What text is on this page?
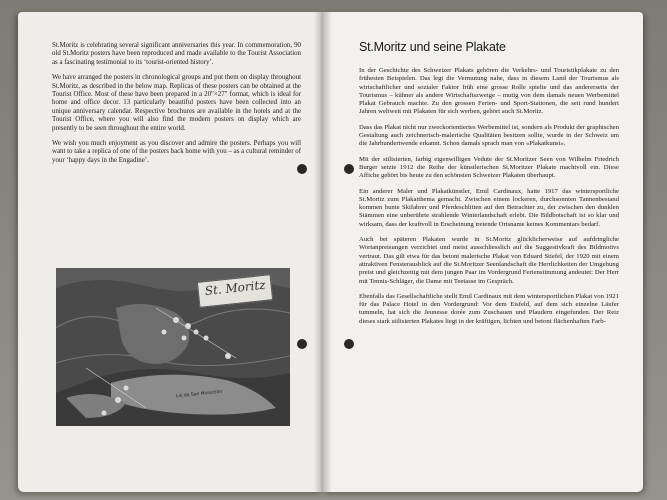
St.Moritz is celebrating several significant anniversaries this year. In commemoration, 90 old St.Moritz posters have been reproduced and made available to the Tourist Association as a fascinating testimonial to its ‘tourist-oriented history’.

We have arranged the posters in chronological groups and put them on display throughout St.Moritz, as described in the below map. Replicas of these posters can be obtained at the Tourist Office. Most of these have been prepared in a 20″×27″ format, which is ideal for home and office decor. 13 particularly beautiful posters have been collected into an unique anniversary calendar. Respective brochures are available in the hotels and at the Tourist Office, where you will also find the modern posters on display which are presently to be seen throughout the entire world.

We wish you much enjoyment as you discover and admire the posters. Perhaps you will want to take a replica of one of the posters back home with you – as a cultural reminder of your ‘happy days in the Engadine’.

St. Moritz
Lej da San Murezzan
St.Moritz und seine Plakate

In der Geschichte des Schweizer Plakats gehören die Verkehrs- und Touristikplakate zu den frühesten Beispielen. Das legt die Vermutung nahe, dass in diesem Land der Tourismus als wirtschaftlicher und sozialer Faktor früh eine grosse Rolle spielte und das andererseits der Tourismus – kühner als andere Wirtschaftszweige – mutig von dem damals neuen Werbemittel Plakat Gebrauch machte. Zu den grossen Ferien- und Sport-Stationen, die seit rund hundert Jahren weltweit mit Plakaten für sich werben, gehört auch St.Moritz.

Dass das Plakat nicht nur zweckorientiertes Werbemittel ist, sondern als Produkt der graphischen Gestaltung auch zeichnerisch-malerische Qualitäten besitzen sollte, wurde in der Schweiz um die Jahrhundertwende erkannt. Schon damals sprach man von «Plakatkunst».

Mit der stilisierten, farbig eigenwilligen Vedute der St.Moritzer Seen von Wilhelm Friedrich Burger setzte 1912 die Reihe der künstlerischen St.Moritzer Plakate machtvoll ein. Diese Affiche gehört bis heute zu den schönsten Schweizer Plakaten überhaupt.

Ein anderer Maler und Plakatkünstler, Emil Cardinaux, hatte 1917 das wintersportliche St.Moritz zum Plakatthema gemacht. Zwischen einem lockeren, durchsonnten Tannenbestand kommen bunte Skifahrer und Pferdeschlitten auf den Betrachter zu, der zwischen den dunklen Stämmen eine unberührte strahlende Winterlandschaft erlebt. Die Bildbotschaft ist so klar und wirksam, dass der kraftvoll in Erscheinung tretende Ortsname keines Kommentars bedarf.

Auch bei späteren Plakaten wurde in St.Moritz glücklicherweise auf aufdringliche Wortanpreisungen verzichtet und meist ausschliesslich auf die Suggestivkraft des Bildmotivs vertraut. Das gilt etwa für das betont malerische Plakat von Eduard Stiefel, der 1920 mit einem attraktiven Fensterausblick auf die St.Moritzer Seenlandschaft die Herrlichkeiten der Umgebung preist und gleichzeitig mit dem jungen Paar im Vordergrund Ferienstimmung andeutet: Der Herr mit Tennis-Schläger, die Dame mit Teetasse im Gespräch.

Ebenfalls das Gesellschaftliche stellt Emil Cardinaux mit dem wintersportlichen Plakat von 1921 für das Palace Hotel in den Vordergrund: Vor dem Eisfeld, auf dem sich einzelne Läufer tummeln, hat sich die Jeunesse dorée zum Zuschauen und Plaudern eingefunden. Der Reiz dieses stark stilisierten Plakates liegt in der kräftigen, lichten und betont flächenhaften Farb-
